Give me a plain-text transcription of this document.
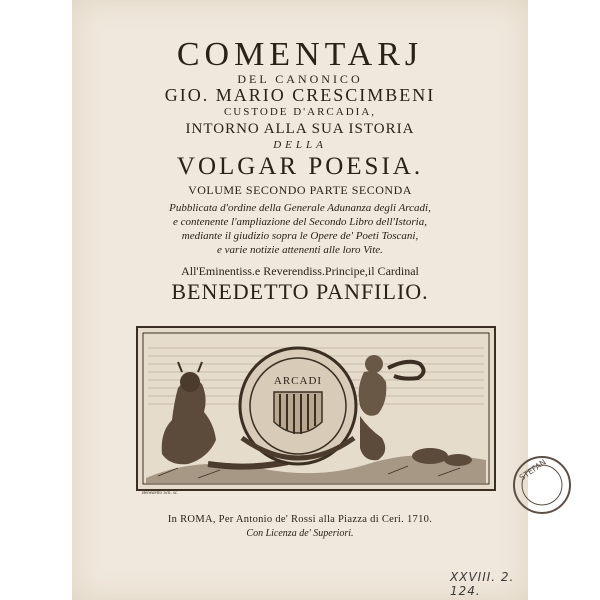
COMENTARJ

DEL CANONICO

GIO. MARIO CRESCIMBENI

CUSTODE D'ARCADIA,

INTORNO ALLA SUA ISTORIA

DELLA

VOLGAR POESIA.

VOLUME SECONDO PARTE SECONDA

Pubblicata d'ordine della Generale Adunanza degli Arcadi,
e contenente l'ampliazione del Secondo Libro dell'Istoria,
mediante il giudizio sopra le Opere de' Poeti Toscani,
e varie notizie attenenti alle loro Vite.

All'Eminentiss.e Reverendiss.Principe,il Cardinal

BENEDETTO PANFILIO.

ARCADI
Benedetto Sch. sc.

In ROMA, Per Antonio de' Rossi alla Piazza di Ceri. 1710.

Con Licenza de' Superiori.

STEFAN
XXVIII. 2. 124.
